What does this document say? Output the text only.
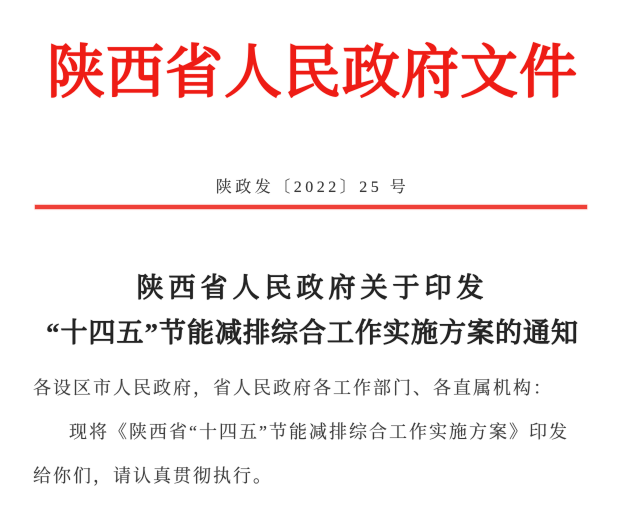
陕西省人民政府文件
陕政发〔2022〕25 号
陕西省人民政府关于印发
“十四五”节能减排综合工作实施方案的通知

各设区市人民政府，省人民政府各工作部门、各直属机构：

现将《陕西省“十四五”节能减排综合工作实施方案》印发

给你们，请认真贯彻执行。
